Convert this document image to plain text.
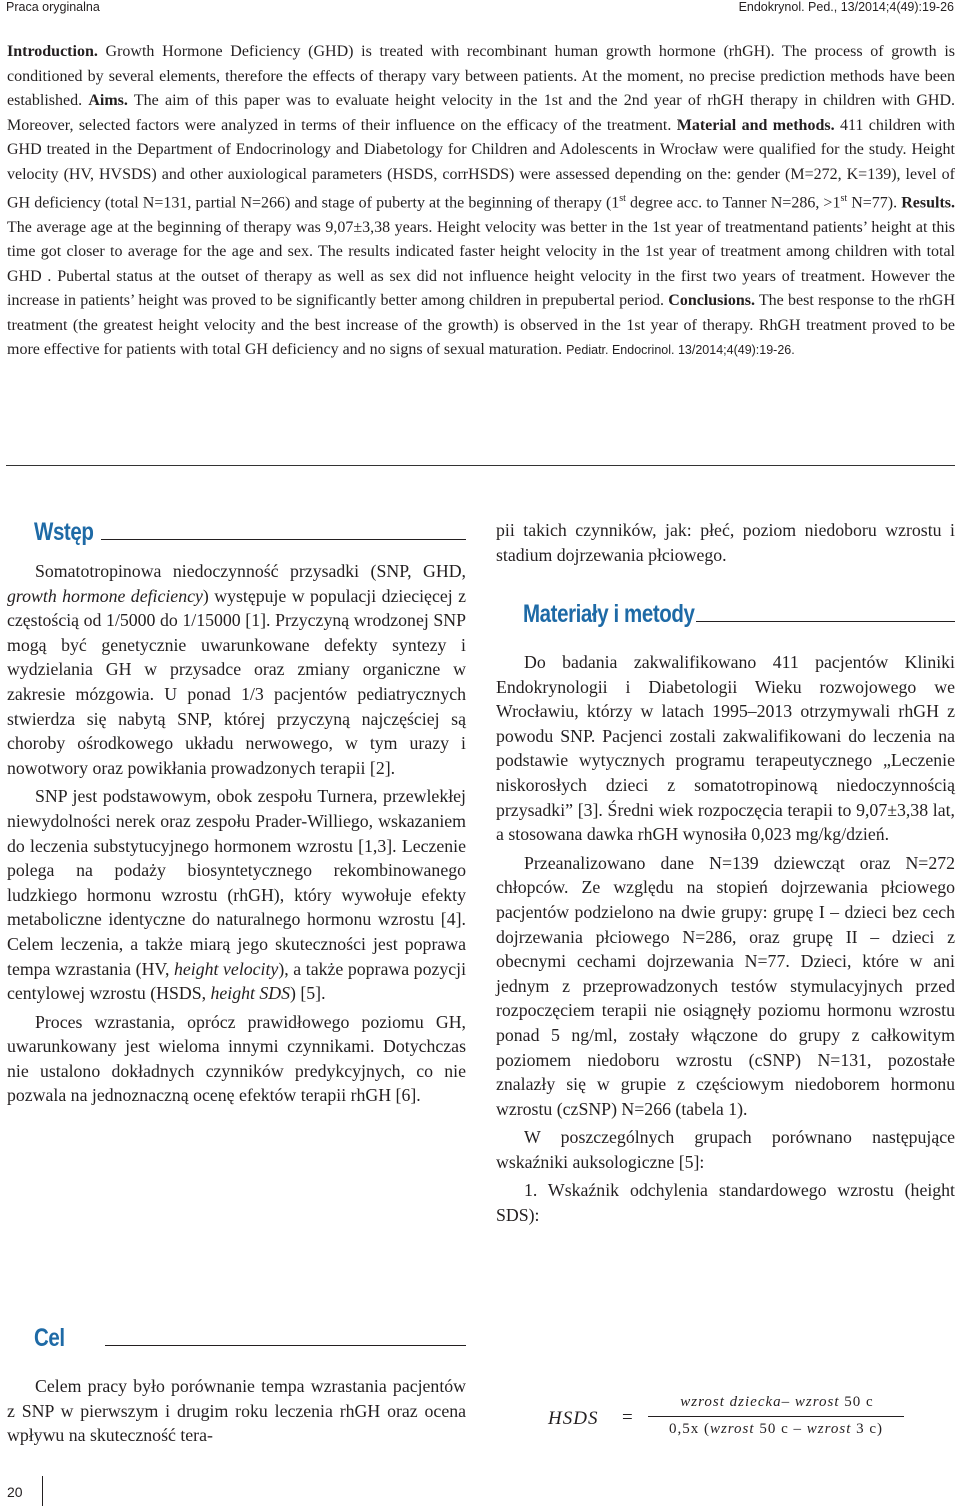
Praca oryginalna	Endokrynol. Ped., 13/2014;4(49):19-26
Introduction. Growth Hormone Deficiency (GHD) is treated with recombinant human growth hormone (rhGH). The process of growth is conditioned by several elements, therefore the effects of therapy vary between patients. At the moment, no precise prediction methods have been established. Aims. The aim of this paper was to evaluate height velocity in the 1st and the 2nd year of rhGH therapy in children with GHD. Moreover, selected factors were analyzed in terms of their influence on the efficacy of the treatment. Material and methods. 411 children with GHD treated in the Department of Endocrinology and Diabetology for Children and Adolescents in Wrocław were qualified for the study. Height velocity (HV, HVSDS) and other auxiological parameters (HSDS, corrHSDS) were assessed depending on the: gender (M=272, K=139), level of GH deficiency (total N=131, partial N=266) and stage of puberty at the beginning of therapy (1st degree acc. to Tanner N=286, >1st N=77). Results. The average age at the beginning of therapy was 9,07±3,38 years. Height velocity was better in the 1st year of treatmentand patients’ height at this time got closer to average for the age and sex. The results indicated faster height velocity in the 1st year of treatment among children with total GHD . Pubertal status at the outset of therapy as well as sex did not influence height velocity in the first two years of treatment. However the increase in patients’ height was proved to be significantly better among children in prepubertal period. Conclusions. The best response to the rhGH treatment (the greatest height velocity and the best increase of the growth) is observed in the 1st year of therapy. RhGH treatment proved to be more effective for patients with total GH deficiency and no signs of sexual maturation. Pediatr. Endocrinol. 13/2014;4(49):19-26.
Wstęp

Somatotropinowa niedoczynność przysadki (SNP, GHD, growth hormone deficiency) występuje w populacji dziecięcej z częstością od 1/5000 do 1/15000 [1]. Przyczyną wrodzonej SNP mogą być genetycznie uwarunkowane defekty syntezy i wydzielania GH w przysadce oraz zmiany organiczne w zakresie mózgowia. U ponad 1/3 pacjentów pediatrycznych stwierdza się nabytą SNP, której przyczyną najczęściej są choroby ośrodkowego układu nerwowego, w tym urazy i nowotwory oraz powikłania prowadzonych terapii [2].

SNP jest podstawowym, obok zespołu Turnera, przewlekłej niewydolności nerek oraz zespołu Prader-Williego, wskazaniem do leczenia substytucyjnego hormonem wzrostu [1,3]. Leczenie polega na podaży biosyntetycznego rekombinowanego ludzkiego hormonu wzrostu (rhGH), który wywołuje efekty metaboliczne identyczne do naturalnego hormonu wzrostu [4]. Celem leczenia, a także miarą jego skuteczności jest poprawa tempa wzrastania (HV, height velocity), a także poprawa pozycji centylowej wzrostu (HSDS, height SDS) [5].

Proces wzrastania, oprócz prawidłowego poziomu GH, uwarunkowany jest wieloma innymi czynnikami. Dotychczas nie ustalono dokładnych czynników predykcyjnych, co nie pozwala na jednoznaczną ocenę efektów terapii rhGH [6].

Cel

Celem pracy było porównanie tempa wzrastania pacjentów z SNP w pierwszym i drugim roku leczenia rhGH oraz ocena wpływu na skuteczność tera-

pii takich czynników, jak: płeć, poziom niedoboru wzrostu i stadium dojrzewania płciowego.

Materiały i metody

Do badania zakwalifikowano 411 pacjentów Kliniki Endokrynologii i Diabetologii Wieku rozwojowego we Wrocławiu, którzy w latach 1995–2013 otrzymywali rhGH z powodu SNP. Pacjenci zostali zakwalifikowani do leczenia na podstawie wytycznych programu terapeutycznego „Leczenie niskorosłych dzieci z somatotropinową niedoczynnością przysadki” [3]. Średni wiek rozpoczęcia terapii to 9,07±3,38 lat, a stosowana dawka rhGH wynosiła 0,023 mg/kg/dzień.

Przeanalizowano dane N=139 dziewcząt oraz N=272 chłopców. Ze względu na stopień dojrzewania płciowego pacjentów podzielono na dwie grupy: grupę I – dzieci bez cech dojrzewania płciowego N=286, oraz grupę II – dzieci z obecnymi cechami dojrzewania N=77. Dzieci, które w ani jednym z przeprowadzonych testów stymulacyjnych przed rozpoczęciem terapii nie osiągnęły poziomu hormonu wzrostu ponad 5 ng/ml, zostały włączone do grupy z całkowitym poziomem niedoboru wzrostu (cSNP) N=131, pozostałe znalazły się w grupie z częściowym niedoborem hormonu wzrostu (czSNP) N=266 (tabela 1).

W poszczególnych grupach porównano następujące wskaźniki auksologiczne [5]:

1. Wskaźnik odchylenia standardowego wzrostu (height SDS):

HSDS =
wzrost dziecka– wzrost 50 c
0,5x (wzrost 50 c – wzrost 3 c)
20
